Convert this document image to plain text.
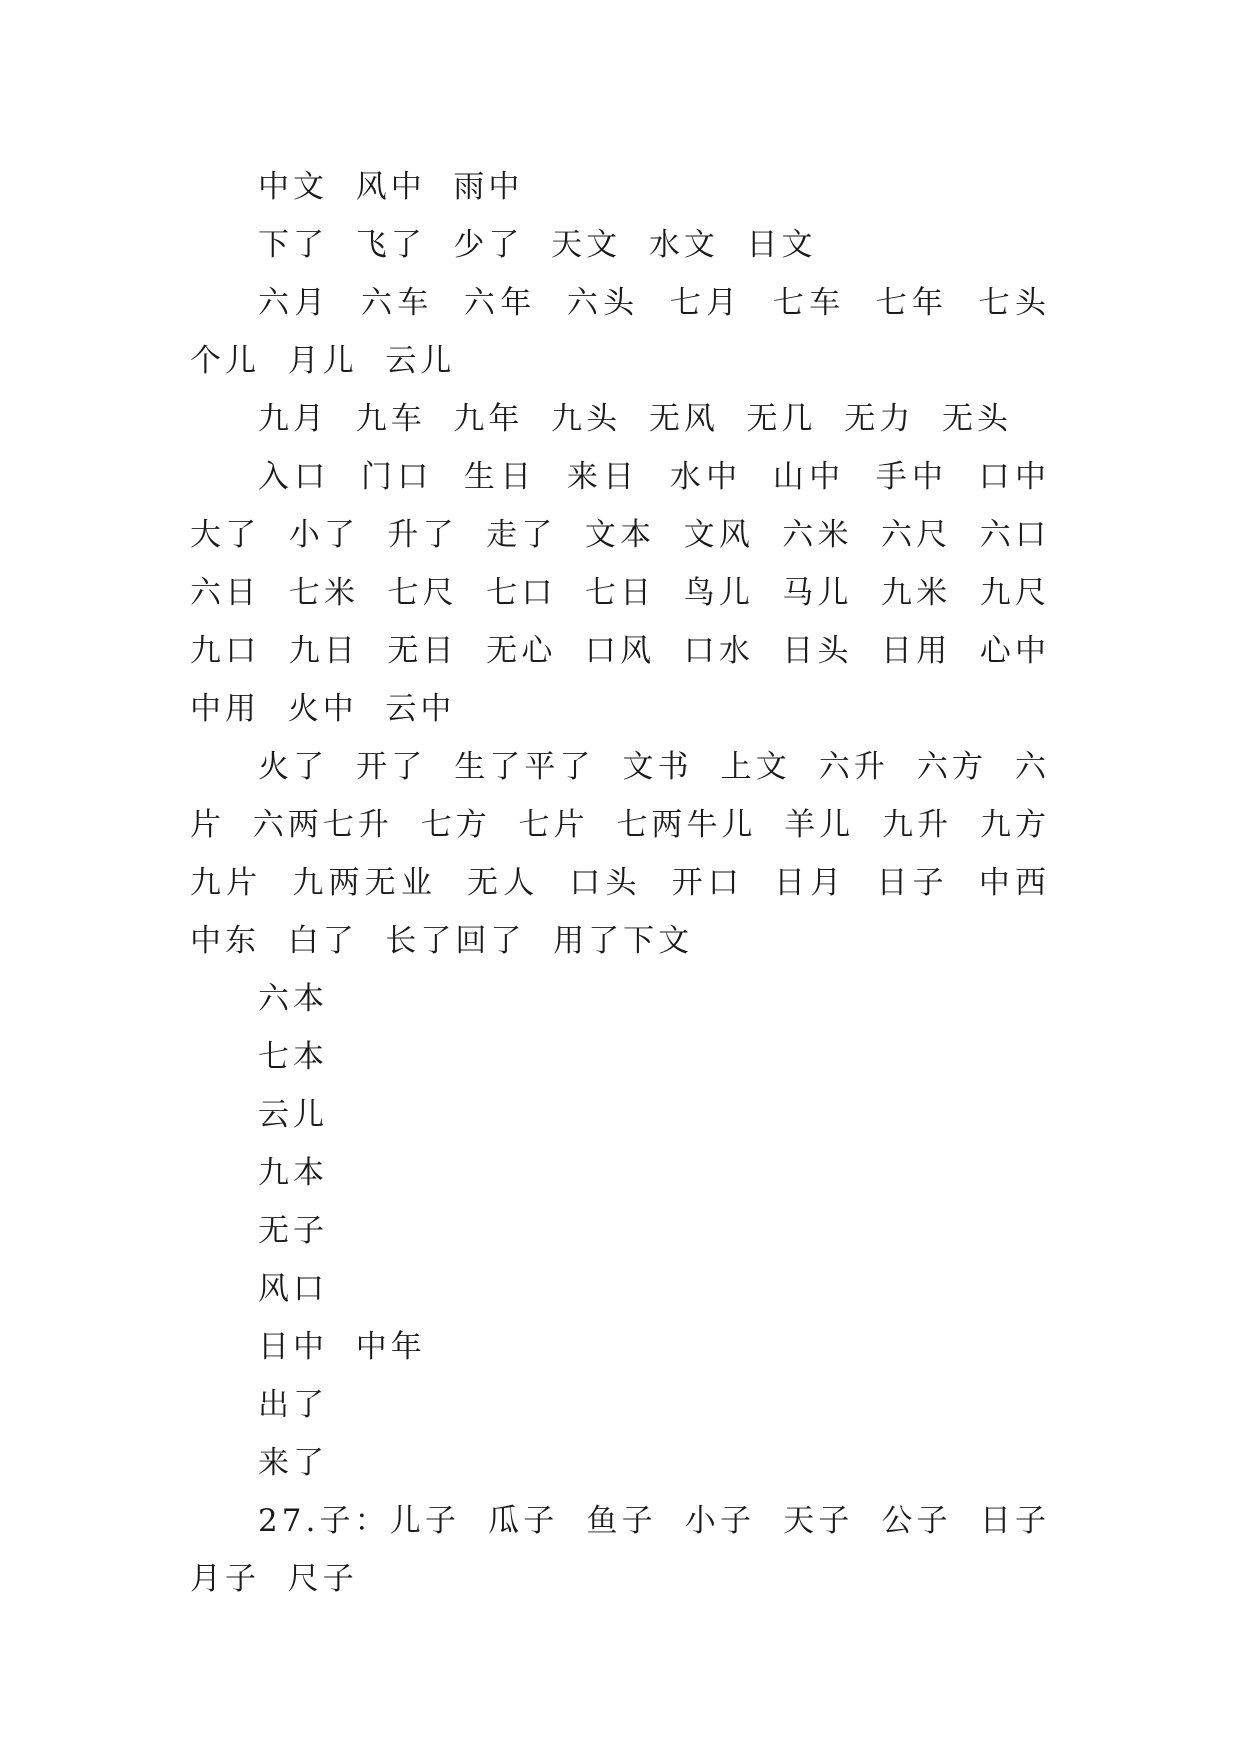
中文  风中  雨中

下了  飞了  少了  天文  水文  日文

六月  六车  六年  六头  七月  七车  七年  七头  个儿  月儿  云儿

九月  九车  九年  九头  无风  无几  无力  无头

入口  门口  生日  来日  水中  山中  手中  口中  大了  小了  升了  走了  文本  文风  六米  六尺  六口  六日  七米  七尺  七口  七日  鸟儿  马儿  九米  九尺  九口  九日  无日  无心  口风  口水  日头  日用  心中  中用  火中  云中

火了  开了  生了平了  文书  上文  六升  六方  六片  六两七升  七方  七片  七两牛儿  羊儿  九升  九方  九片  九两无业  无人  口头  开口  日月  日子  中西  中东  白了  长了回了  用了下文

六本

七本

云儿

九本

无子

风口

日中  中年

出了

来了

27.子：儿子  瓜子  鱼子  小子  天子  公子  日子  月子  尺子
